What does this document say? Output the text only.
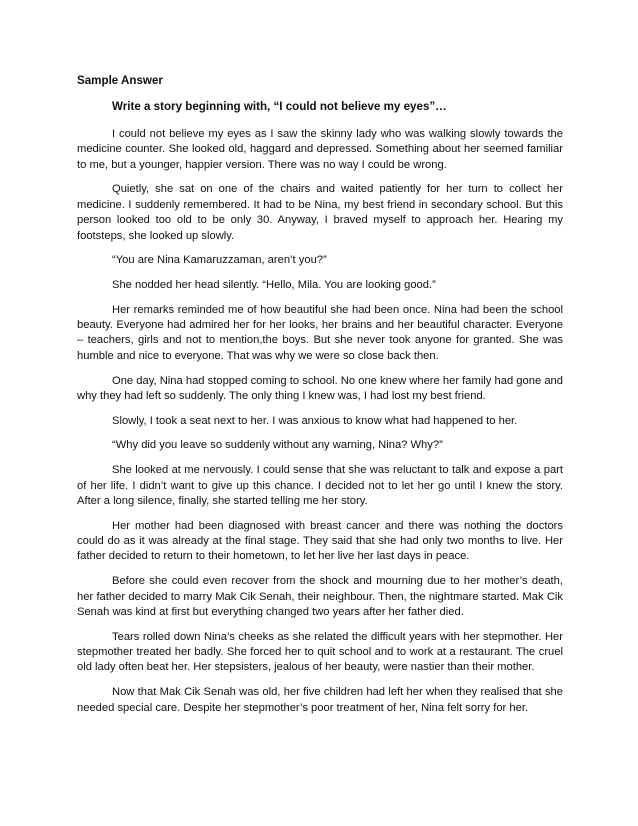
Sample Answer

Write a story beginning with, “I could not believe my eyes”…

I could not believe my eyes as I saw the skinny lady who was walking slowly towards the medicine counter. She looked old, haggard and depressed. Something about her seemed familiar to me, but a younger, happier version. There was no way I could be wrong.

Quietly, she sat on one of the chairs and waited patiently for her turn to collect her medicine. I suddenly remembered. It had to be Nina, my best friend in secondary school. But this person looked too old to be only 30. Anyway, I braved myself to approach her. Hearing my footsteps, she looked up slowly.

“You are Nina Kamaruzzaman, aren’t you?”

She nodded her head silently. “Hello, Mila. You are looking good.”

Her remarks reminded me of how beautiful she had been once. Nina had been the school beauty. Everyone had admired her for her looks, her brains and her beautiful character. Everyone – teachers, girls and not to mention,the boys. But she never took anyone for granted. She was humble and nice to everyone. That was why we were so close back then.

One day, Nina had stopped coming to school. No one knew where her family had gone and why they had left so suddenly. The only thing I knew was, I had lost my best friend.

Slowly, I took a seat next to her. I was anxious to know what had happened to her.

“Why did you leave so suddenly without any warning, Nina? Why?”

She looked at me nervously. I could sense that she was reluctant to talk and expose a part of her life. I didn’t want to give up this chance. I decided not to let her go until I knew the story. After a long silence, finally, she started telling me her story.

Her mother had been diagnosed with breast cancer and there was nothing the doctors could do as it was already at the final stage. They said that she had only two months to live. Her father decided to return to their hometown, to let her live her last days in peace.

Before she could even recover from the shock and mourning due to her mother’s death, her father decided to marry Mak Cik Senah, their neighbour. Then, the nightmare started. Mak Cik Senah was kind at first but everything changed two years after her father died.

Tears rolled down Nina’s cheeks as she related the difficult years with her stepmother. Her stepmother treated her badly. She forced her to quit school and to work at a restaurant. The cruel old lady often beat her. Her stepsisters, jealous of her beauty, were nastier than their mother.

Now that Mak Cik Senah was old, her five children had left her when they realised that she needed special care. Despite her stepmother’s poor treatment of her, Nina felt sorry for her.
